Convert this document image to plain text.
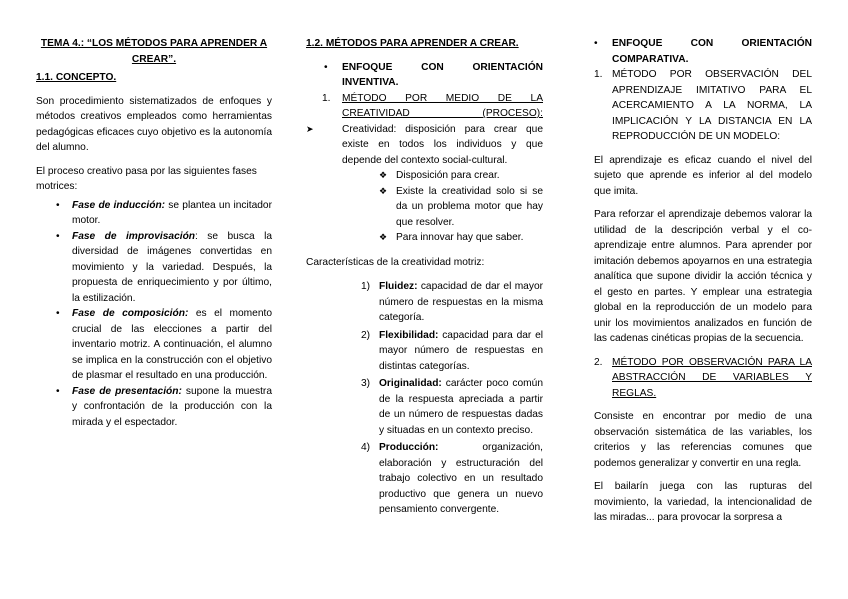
TEMA 4.: “LOS MÉTODOS PARA APRENDER A CREAR”.

1.1. CONCEPTO.

Son procedimiento sistematizados de enfoques y métodos creativos empleados como herramientas pedagógicas eficaces cuyo objetivo es la autonomía del alumno.

El proceso creativo pasa por las siguientes fases motrices:

• Fase de inducción: se plantea un incitador motor.

• Fase de improvisación: se busca la diversidad de imágenes convertidas en movimiento y la variedad. Después, la propuesta de enriquecimiento y por último, la estilización.

• Fase de composición: es el momento crucial de las elecciones a partir del inventario motriz. A continuación, el alumno se implica en la construcción con el objetivo de plasmar el resultado en una producción.

• Fase de presentación: supone la muestra y confrontación de la producción con la mirada y el espectador.

1.2. MÉTODOS PARA APRENDER A CREAR.

• ENFOQUE CON ORIENTACIÓN INVENTIVA.

1. MÉTODO POR MEDIO DE LA CREATIVIDAD (PROCESO):

➤	Creatividad: disposición para crear que existe en todos los individuos y que depende del contexto social-cultural.

❖ Disposición para crear.

❖ Existe la creatividad solo si se da un problema motor que hay que resolver.

❖ Para innovar hay que saber.

Características de la creatividad motriz:

1) Fluidez: capacidad de dar el mayor número de respuestas en la misma categoría.

2) Flexibilidad: capacidad para dar el mayor número de respuestas en distintas categorías.

3) Originalidad: carácter poco común de la respuesta apreciada a partir de un número de respuestas dadas y situadas en un contexto preciso.

4) Producción: organización, elaboración y estructuración del trabajo colectivo en un resultado productivo que genera un nuevo pensamiento convergente.

• ENFOQUE CON ORIENTACIÓN COMPARATIVA.

1. MÉTODO POR OBSERVACIÓN DEL APRENDIZAJE IMITATIVO PARA EL ACERCAMIENTO A LA NORMA, LA IMPLICACIÓN Y LA DISTANCIA EN LA REPRODUCCIÓN DE UN MODELO:

El aprendizaje es eficaz cuando el nivel del sujeto que aprende es inferior al del modelo que imita.

Para reforzar el aprendizaje debemos valorar la utilidad de la descripción verbal y el co-aprendizaje entre alumnos. Para aprender por imitación debemos apoyarnos en una estrategia analítica que supone dividir la acción técnica y el gesto en partes. Y emplear una estrategia global en la reproducción de un modelo para unir los movimientos analizados en función de las cadenas cinéticas propias de la secuencia.

2. MÉTODO POR OBSERVACIÓN PARA LA ABSTRACCIÓN DE VARIABLES Y REGLAS.

Consiste en encontrar por medio de una observación sistemática de las variables, los criterios y las referencias comunes que podemos generalizar y convertir en una regla.

El bailarín juega con las rupturas del movimiento, la variedad, la intencionalidad de las miradas... para provocar la sorpresa a
